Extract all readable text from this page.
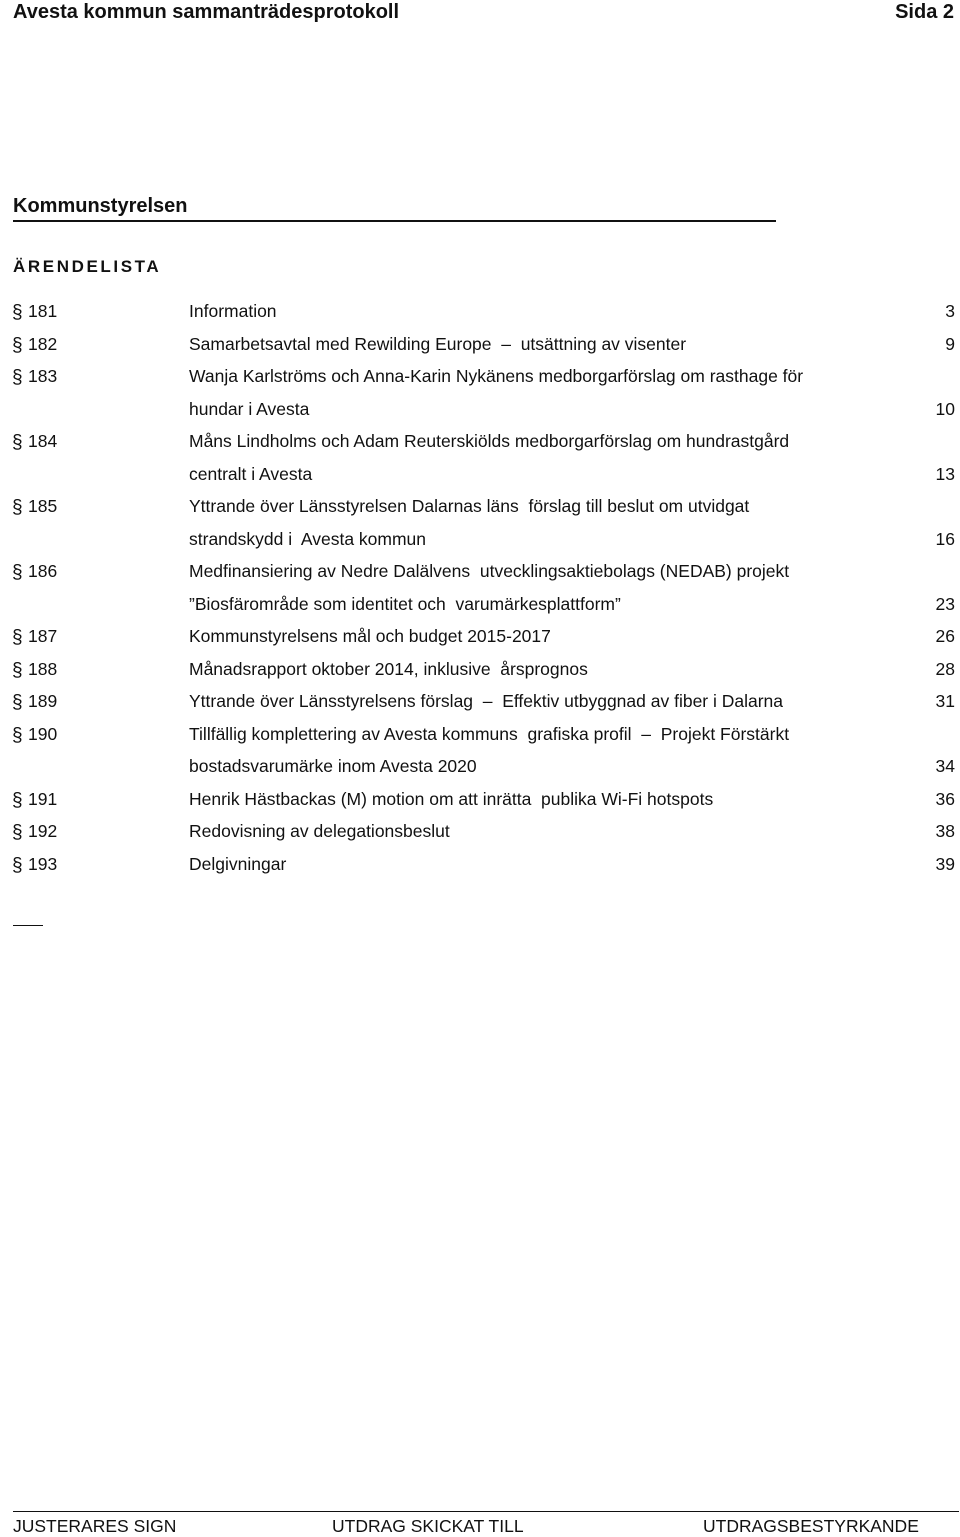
Avesta kommun sammanträdesprotokoll	Sida 2
Kommunstyrelsen
ÄRENDELISTA
§ 181	Information	3
§ 182	Samarbetsavtal med Rewilding Europe  –  utsättning av visenter	9
§ 183	Wanja Karlströms och Anna-Karin Nykänens medborgarförslag om rasthage för
hundar i Avesta	10
§ 184	Måns Lindholms och Adam Reuterskiölds medborgarförslag om hundrastgård
centralt i Avesta	13
§ 185	Yttrande över Länsstyrelsen Dalarnas läns  förslag till beslut om utvidgat
strandskydd i  Avesta kommun	16
§ 186	Medfinansiering av Nedre Dalälvens  utvecklingsaktiebolags (NEDAB) projekt
”Biosfärområde som identitet och  varumärkesplattform”	23
§ 187	Kommunstyrelsens mål och budget 2015-2017	26
§ 188	Månadsrapport oktober 2014, inklusive  årsprognos	28
§ 189	Yttrande över Länsstyrelsens förslag  –  Effektiv utbyggnad av fiber i Dalarna	31
§ 190	Tillfällig komplettering av Avesta kommuns  grafiska profil  –  Projekt Förstärkt
bostadsvarumärke inom Avesta 2020	34
§ 191	Henrik Hästbackas (M) motion om att inrätta  publika Wi-Fi hotspots	36
§ 192	Redovisning av delegationsbeslut	38
§ 193	Delgivningar	39
JUSTERARES SIGN	UTDRAG SKICKAT TILL	UTDRAGSBESTYRKANDE
